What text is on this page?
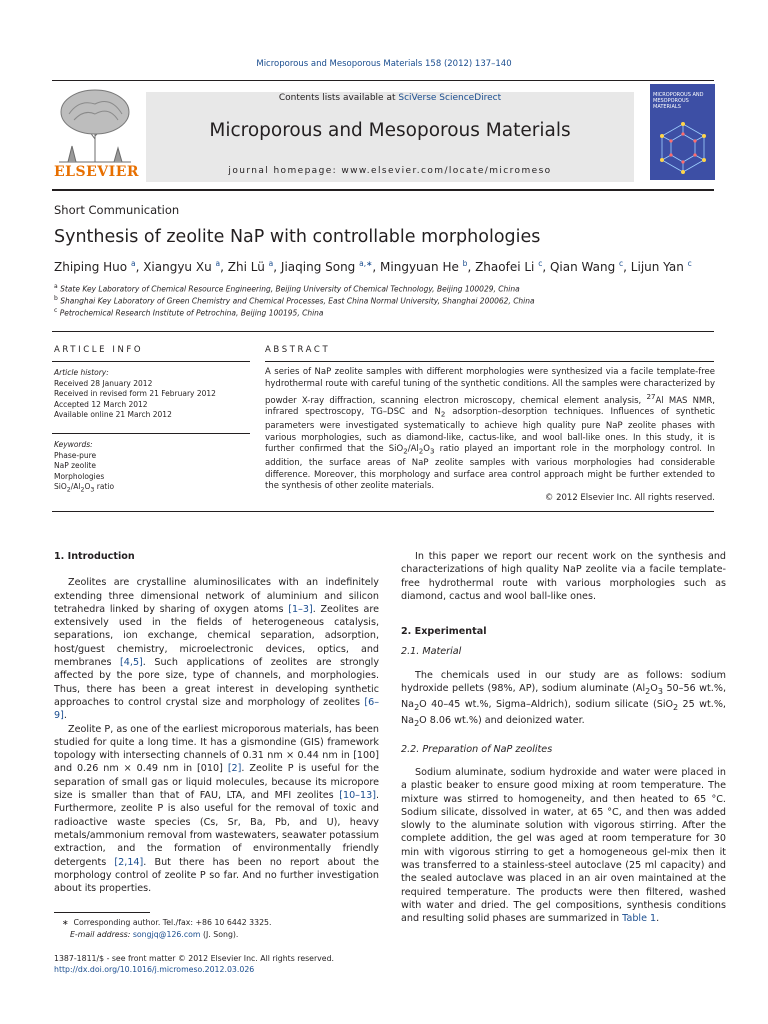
Microporous and Mesoporous Materials 158 (2012) 137–140
ELSEVIER
Contents lists available at SciVerse ScienceDirect
Microporous and Mesoporous Materials
journal homepage: www.elsevier.com/locate/micromeso
MICROPOROUS AND MESOPOROUS MATERIALS
Short Communication
Synthesis of zeolite NaP with controllable morphologies
Zhiping Huo $^a$, Xiangyu Xu $^a$, Zhi Lü $^a$, Jiaqing Song $^{a,∗}$, Mingyuan He $^b$, Zhaofei Li $^c$, Qian Wang $^c$, Lijun Yan $^c$
$^a$ State Key Laboratory of Chemical Resource Engineering, Beijing University of Chemical Technology, Beijing 100029, China
$^b$ Shanghai Key Laboratory of Green Chemistry and Chemical Processes, East China Normal University, Shanghai 200062, China
$^c$ Petrochemical Research Institute of Petrochina, Beijing 100195, China
ARTICLE INFO
Article history:
Received 28 January 2012
Received in revised form 21 February 2012
Accepted 12 March 2012
Available online 21 March 2012
Keywords:
Phase-pure
NaP zeolite
Morphologies
$SiO_2/Al_2O_3$ ratio
ABSTRACT
A series of NaP zeolite samples with different morphologies were synthesized via a facile template-free hydrothermal route with careful tuning of the synthetic conditions. All the samples were characterized by powder X-ray diffraction, scanning electron microscopy, chemical element analysis, $^{27}$Al MAS NMR, infrared spectroscopy, TG–DSC and $N_2$ adsorption–desorption techniques. Influences of synthetic parameters were investigated systematically to achieve high quality pure NaP zeolite phases with various morphologies, such as diamond-like, cactus-like, and wool ball-like ones. In this study, it is further confirmed that the $SiO_2/Al_2O_3$ ratio played an important role in the morphology control. In addition, the surface areas of NaP zeolite samples with various morphologies had considerable difference. Moreover, this morphology and surface area control approach might be further extended to the synthesis of other zeolite materials.
© 2012 Elsevier Inc. All rights reserved.
1. Introduction

Zeolites are crystalline aluminosilicates with an indefinitely extending three dimensional network of aluminium and silicon tetrahedra linked by sharing of oxygen atoms [1–3]. Zeolites are extensively used in the fields of heterogeneous catalysis, separations, ion exchange, chemical separation, adsorption, host/guest chemistry, microelectronic devices, optics, and membranes [4,5]. Such applications of zeolites are strongly affected by the pore size, type of channels, and morphologies. Thus, there has been a great interest in developing synthetic approaches to control crystal size and morphology of zeolites [6–9].

Zeolite P, as one of the earliest microporous materials, has been studied for quite a long time. It has a gismondine (GIS) framework topology with intersecting channels of 0.31 nm × 0.44 nm in [100] and 0.26 nm × 0.49 nm in [010] [2]. Zeolite P is useful for the separation of small gas or liquid molecules, because its micropore size is smaller than that of FAU, LTA, and MFI zeolites [10–13]. Furthermore, zeolite P is also useful for the removal of toxic and radioactive waste species (Cs, Sr, Ba, Pb, and U), heavy metals/ammonium removal from wastewaters, seawater potassium extraction, and the formation of environmentally friendly detergents [2,14]. But there has been no report about the morphology control of zeolite P so far. And no further investigation about its properties.

In this paper we report our recent work on the synthesis and characterizations of high quality NaP zeolite via a facile template-free hydrothermal route with various morphologies such as diamond, cactus and wool ball-like ones.

2. Experimental
2.1. Material

The chemicals used in our study are as follows: sodium hydroxide pellets (98%, AP), sodium aluminate ($Al_2O_3$ 50–56 wt.%, $Na_2O$ 40–45 wt.%, Sigma–Aldrich), sodium silicate (SiO$_2$ 25 wt.%, $Na_2O$ 8.06 wt.%) and deionized water.

2.2. Preparation of NaP zeolites

Sodium aluminate, sodium hydroxide and water were placed in a plastic beaker to ensure good mixing at room temperature. The mixture was stirred to homogeneity, and then heated to 65 °C. Sodium silicate, dissolved in water, at 65 °C, and then was added slowly to the aluminate solution with vigorous stirring. After the complete addition, the gel was aged at room temperature for 30 min with vigorous stirring to get a homogeneous gel-mix then it was transferred to a stainless-steel autoclave (25 ml capacity) and the sealed autoclave was placed in an air oven maintained at the required temperature. The products were then filtered, washed with water and dried. The gel compositions, synthesis conditions and resulting solid phases are summarized in Table 1.

∗ Corresponding author. Tel./fax: +86 10 6442 3325.
E-mail address: songjq@126.com (J. Song).
1387-1811/$ - see front matter © 2012 Elsevier Inc. All rights reserved.
http://dx.doi.org/10.1016/j.micromeso.2012.03.026
